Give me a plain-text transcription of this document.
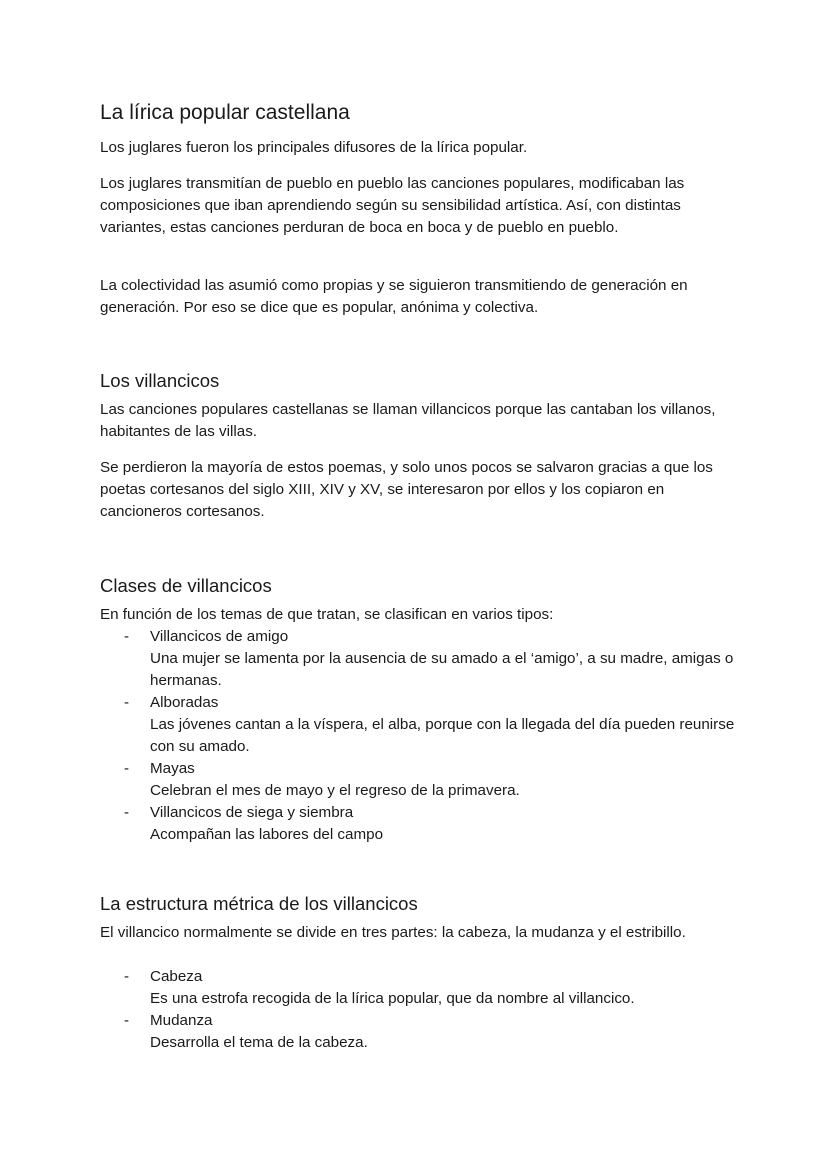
La lírica popular castellana

Los juglares fueron los principales difusores de la lírica popular.

Los juglares transmitían de pueblo en pueblo las canciones populares, modificaban las composiciones que iban aprendiendo según su sensibilidad artística. Así, con distintas variantes, estas canciones perduran de boca en boca y de pueblo en pueblo.

La colectividad las asumió como propias y se siguieron transmitiendo de generación en generación. Por eso se dice que es popular, anónima y colectiva.

Los villancicos

Las canciones populares castellanas se llaman villancicos porque las cantaban los villanos, habitantes de las villas.

Se perdieron la mayoría de estos poemas, y solo unos pocos se salvaron gracias a que los poetas cortesanos del siglo XIII, XIV y XV, se interesaron por ellos y los copiaron en cancioneros cortesanos.

Clases de villancicos

En función de los temas de que tratan, se clasifican en varios tipos:

- Villancicos de amigo
Una mujer se lamenta por la ausencia de su amado a el ‘amigo’, a su madre, amigas o hermanas.
- Alboradas
Las jóvenes cantan a la víspera, el alba, porque con la llegada del día pueden reunirse con su amado.
- Mayas
Celebran el mes de mayo y el regreso de la primavera.
- Villancicos de siega y siembra
Acompañan las labores del campo
La estructura métrica de los villancicos

El villancico normalmente se divide en tres partes: la cabeza, la mudanza y el estribillo.

- Cabeza
Es una estrofa recogida de la lírica popular, que da nombre al villancico.
- Mudanza
Desarrolla el tema de la cabeza.
